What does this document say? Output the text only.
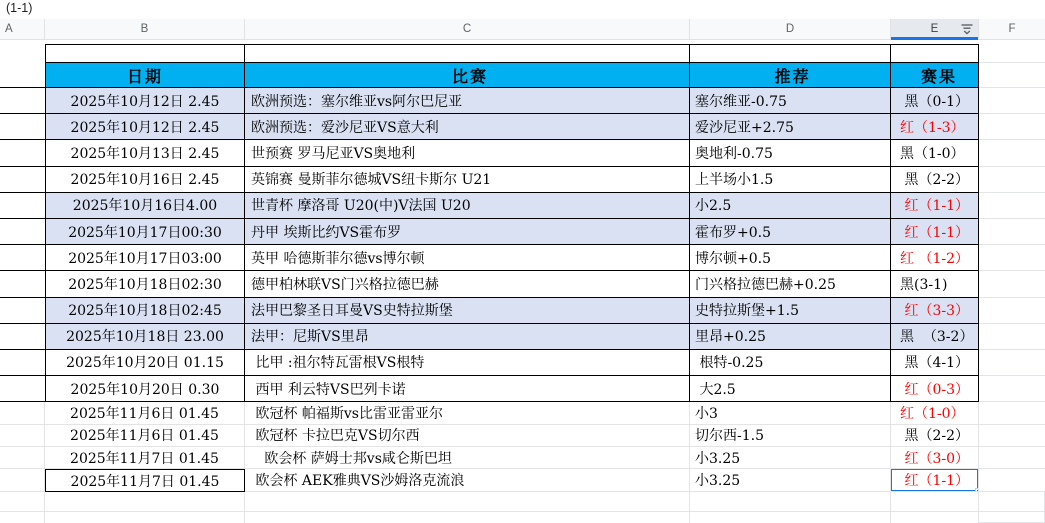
(1-1)
A	B	C	D	E	F
日期	比赛	推荐	赛果
2025年10月12日 2.45	欧洲预选：塞尔维亚vs阿尔巴尼亚	塞尔维亚-0.75	黑（0-1）
2025年10月12日 2.45	欧洲预选：爱沙尼亚VS意大利	爱沙尼亚+2.75	红（1-3）
2025年10月13日 2.45	世预赛 罗马尼亚VS奥地利	奥地利-0.75	黑（1-0）
2025年10月16日 2.45	英锦赛 曼斯菲尔德城VS纽卡斯尔 U21	上半场小1.5	黑（2-2）
2025年10月16日4.00	世青杯 摩洛哥 U20(中)V法国 U20	小2.5	红（1-1）
2025年10月17日00:30	丹甲 埃斯比约VS霍布罗	霍布罗+0.5	红（1-1）
2025年10月17日03:00	英甲 哈德斯菲尔德vs博尔顿	博尔顿+0.5	红 （1-2）
2025年10月18日02:30	德甲柏林联VS门兴格拉德巴赫	门兴格拉德巴赫+0.25	黑(3-1)
2025年10月18日02:45	法甲巴黎圣日耳曼VS史特拉斯堡	史特拉斯堡+1.5	红（3-3）
2025年10月18日 23.00	法甲：尼斯VS里昂	里昂+0.25	黑  （3-2）
2025年10月20日 01.15	比甲 :祖尔特瓦雷根VS根特	根特-0.25	黑（4-1）
2025年10月20日 0.30	西甲 利云特VS巴列卡诺	大2.5	红（0-3）
2025年11月6日 01.45	欧冠杯 帕福斯vs比雷亚雷亚尔	小3	红（1-0）
2025年11月6日 01.45	欧冠杯 卡拉巴克VS切尔西	切尔西-1.5	黑（2-2）
2025年11月7日 01.45	欧会杯 萨姆士邦vs咸仑斯巴坦	小3.25	红（3-0）
2025年11月7日 01.45	欧会杯 AEK雅典VS沙姆洛克流浪	小3.25	红（1-1）
